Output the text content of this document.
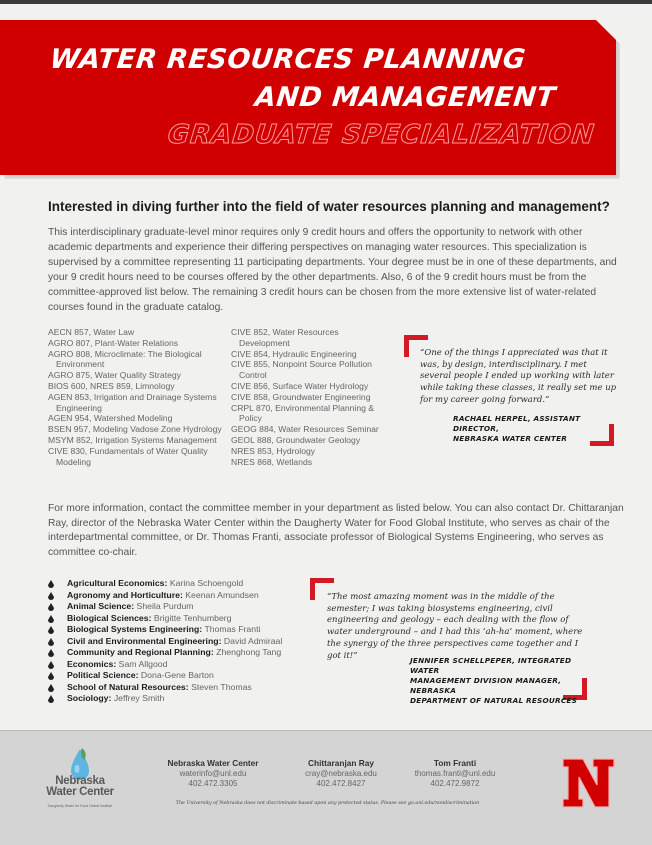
WATER RESOURCES PLANNING
AND MANAGEMENT
GRADUATE SPECIALIZATION
Interested in diving further into the field of water resources planning and management?

This interdisciplinary graduate-level minor requires only 9 credit hours and offers the opportunity to network with other academic departments and experience their differing perspectives on managing water resources. This specialization is supervised by a committee representing 11 participating departments. Your degree must be in one of these departments, and your 9 credit hours need to be courses offered by the other departments. Also, 6 of the 9 credit hours must be from the committee-approved list below. The remaining 3 credit hours can be chosen from the more extensive list of water-related courses found in the graduate catalog.

AECN 857, Water Law
AGRO 807, Plant-Water Relations
AGRO 808, Microclimate: The Biological Environment
AGRO 875, Water Quality Strategy
BIOS 600, NRES 859, Limnology
AGEN 853, Irrigation and Drainage Systems Engineering
AGEN 954, Watershed Modeling
BSEN 957, Modeling Vadose Zone Hydrology
MSYM 852, Irrigation Systems Management
CIVE 830, Fundamentals of Water Quality Modeling
CIVE 852, Water Resources Development
CIVE 854, Hydraulic Engineering
CIVE 855, Nonpoint Source Pollution Control
CIVE 856, Surface Water Hydrology
CIVE 858, Groundwater Engineering
CRPL 870, Environmental Planning & Policy
GEOG 884, Water Resources Seminar
GEOL 888, Groundwater Geology
NRES 853, Hydrology
NRES 868, Wetlands
“One of the things I appreciated was that it was, by design, interdisciplinary. I met several people I ended up working with later while taking these classes, it really set me up for my career going forward.”
RACHAEL HERPEL, ASSISTANT DIRECTOR,
NEBRASKA WATER CENTER

For more information, contact the committee member in your department as listed below. You can also contact Dr. Chittaranjan Ray, director of the Nebraska Water Center within the Daugherty Water for Food Global Institute, who serves as chair of the interdepartmental committee, or Dr. Thomas Franti, associate professor of Biological Systems Engineering, who serves as committee co-chair.

Agricultural Economics: Karina Schoengold
Agronomy and Horticulture: Keenan Amundsen
Animal Science: Sheila Purdum
Biological Sciences: Brigitte Tenhumberg
Biological Systems Engineering: Thomas Franti
Civil and Environmental Engineering: David Admiraal
Community and Regional Planning: Zhenghong Tang
Economics: Sam Allgood
Political Science: Dona-Gene Barton
School of Natural Resources: Steven Thomas
Sociology: Jeffrey Smith
“The most amazing moment was in the middle of the semester; I was taking biosystems engineering, civil engineering and geology – each dealing with the flow of water underground – and I had this ‘ah-ha’ moment, where the synergy of the three perspectives came together and I got it!”	JENNIFER SCHELLPEPER, INTEGRATED WATER
MANAGEMENT DIVISION MANAGER, NEBRASKA
DEPARTMENT OF NATURAL RESOURCES
Nebraska
Water Center
Daugherty Water for Food Global Institute
Nebraska Water Center
waterinfo@unl.edu
402.472.3305
Chittaranjan Ray
cray@nebraska.edu
402.472.8427
Tom Franti
thomas.franti@unl.edu
402.472.9872
The University of Nebraska does not discriminate based upon any protected status. Please see go.unl.edu/nondiscrimination
